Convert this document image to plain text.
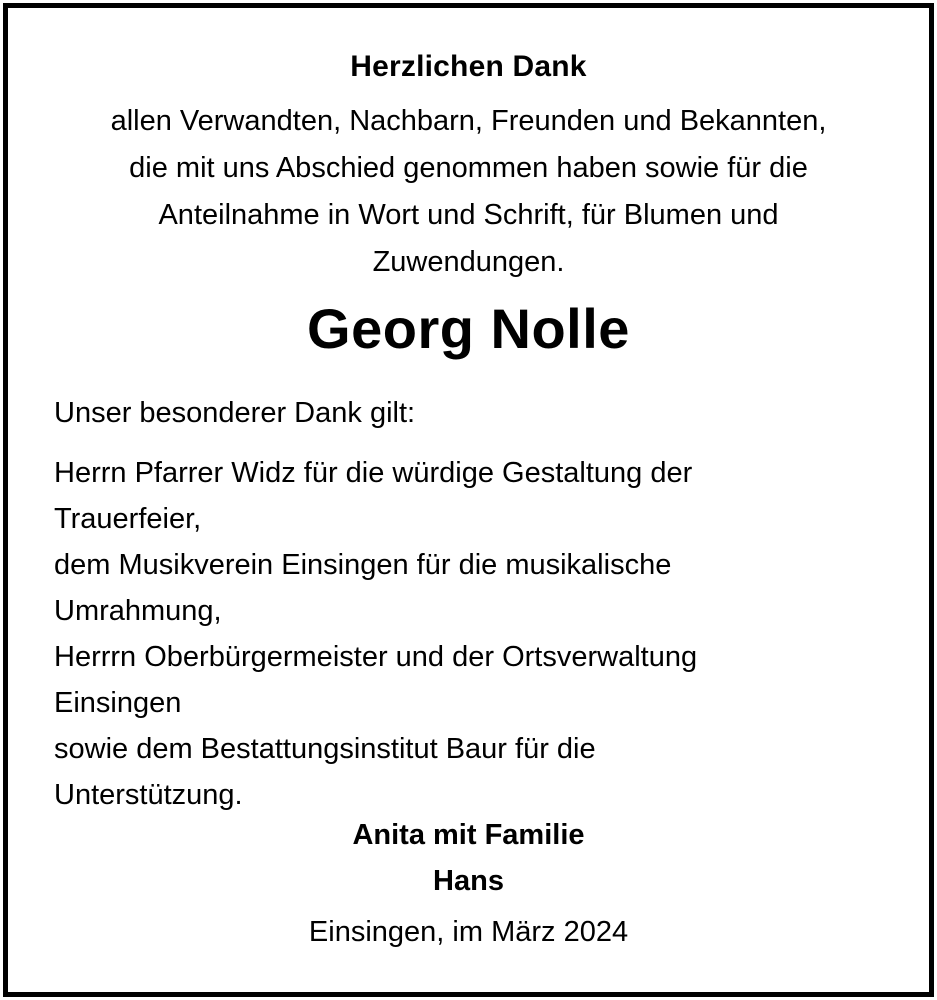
Herzlichen Dank
allen Verwandten, Nachbarn, Freunden und Bekannten,
die mit uns Abschied genommen haben sowie für die
Anteilnahme in Wort und Schrift, für Blumen und
Zuwendungen.
Georg Nolle
Unser besonderer Dank gilt:
Herrn Pfarrer Widz für die würdige Gestaltung der
Trauerfeier,
dem Musikverein Einsingen für die musikalische
Umrahmung,
Herrrn Oberbürgermeister und der Ortsverwaltung
Einsingen
sowie dem Bestattungsinstitut Baur für die
Unterstützung.
Anita mit Familie
Hans
Einsingen, im März 2024
